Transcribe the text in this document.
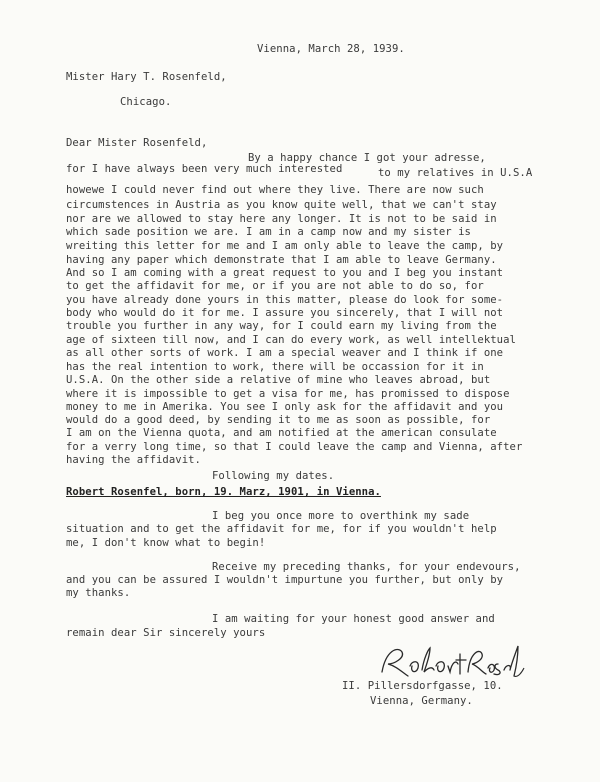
Vienna, March 28, 1939.
Mister Hary T. Rosenfeld,
Chicago.
Dear Mister Rosenfeld,
By a happy chance I got your adresse,
for I have always been very much interested	to my relatives in U.S.A
howewe I could never find out where they live. There are now such
circumstences in Austria as you know quite well, that we can't stay
nor are we allowed to stay here any longer. It is not to be said in
which sade position we are. I am in a camp now and my sister is
wreiting this letter for me and I am only able to leave the camp, by
having any paper which demonstrate that I am able to leave Germany.
And so I am coming with a great request to you and I beg you instant
to get the affidavit for me, or if you are not able to do so, for
you have already done yours in this matter, please do look for some-
body who would do it for me. I assure you sincerely, that I will not
trouble you further in any way, for I could earn my living from the
age of sixteen till now, and I can do every work, as well intellektual
as all other sorts of work. I am a special weaver and I think if one
has the real intention to work, there will be occassion for it in
U.S.A. On the other side a relative of mine who leaves abroad, but
where it is impossible to get a visa for me, has promissed to dispose
money to me in Amerika. You see I only ask for the affidavit and you
would do a good deed, by sending it to me as soon as possible, for
I am on the Vienna quota, and am notified at the american consulate
for a verry long time, so that I could leave the camp and Vienna, after
having the affidavit.
Following my dates.
Robert Rosenfel, born, 19. Marz, 1901, in Vienna.
I beg you once more to overthink my sade
situation and to get the affidavit for me, for if you wouldn't help
me, I don't know what to begin!
Receive my preceding thanks, for your endevours,
and you can be assured I wouldn't impurtune you further, but only by
my thanks.
I am waiting for your honest good answer and
remain dear Sir sincerely yours
II. Pillersdorfgasse, 10.
Vienna, Germany.
